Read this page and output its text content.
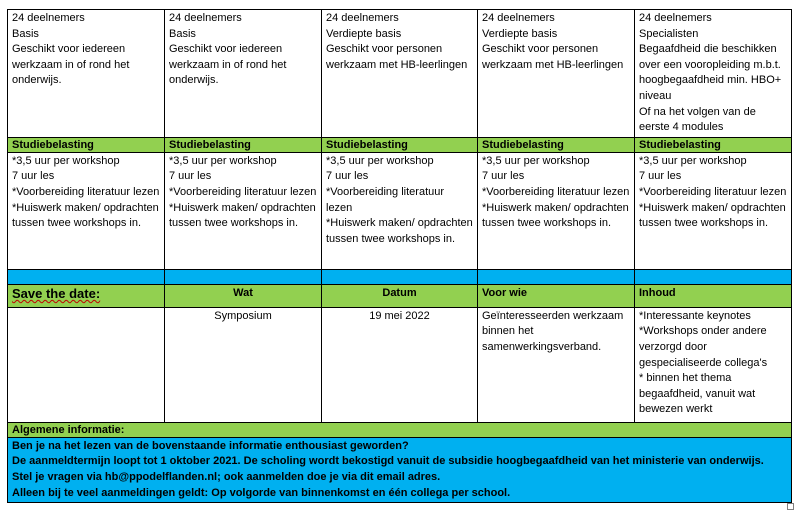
24 deelnemers
Basis
Geschikt voor iedereen werkzaam in of rond het onderwijs.	24 deelnemers
Basis
Geschikt voor iedereen werkzaam in of rond het onderwijs.	24 deelnemers
Verdiepte basis
Geschikt voor personen werkzaam met HB-leerlingen	24 deelnemers
Verdiepte basis
Geschikt voor personen werkzaam met HB-leerlingen	24 deelnemers
Specialisten
Begaafdheid die beschikken over een vooropleiding m.b.t. hoogbegaafdheid min. HBO+ niveau
Of na het volgen van de eerste 4 modules

Studiebelasting	Studiebelasting	Studiebelasting	Studiebelasting	Studiebelasting

*3,5 uur per workshop
7 uur les
*Voorbereiding literatuur lezen
*Huiswerk maken/ opdrachten tussen twee workshops in.	*3,5 uur per workshop
7 uur les
*Voorbereiding literatuur lezen
*Huiswerk maken/ opdrachten tussen twee workshops in.	*3,5 uur per workshop
7 uur les
*Voorbereiding literatuur lezen
*Huiswerk maken/ opdrachten tussen twee workshops in.	*3,5 uur per workshop
7 uur les
*Voorbereiding literatuur lezen
*Huiswerk maken/ opdrachten tussen twee workshops in.	*3,5 uur per workshop
7 uur les
*Voorbereiding literatuur lezen
*Huiswerk maken/ opdrachten tussen twee workshops in.

Save the date:	Wat	Datum	Voor wie	Inhoud
	Symposium	19 mei 2022	Geïnteresseerden werkzaam binnen het samenwerkingsverband.	*Interessante keynotes
*Workshops onder andere verzorgd door gespecialiseerde collega's
* binnen het thema begaafdheid, vanuit wat bewezen werkt

Algemene informatie:				

Ben je na het lezen van de bovenstaande informatie enthousiast geworden?
De aanmeldtermijn loopt tot 1 oktober 2021. De scholing wordt bekostigd vanuit de subsidie hoogbegaafdheid van het ministerie van onderwijs.
Stel je vragen via hb@ppodelflanden.nl; ook aanmelden doe je via dit email adres.
Alleen bij te veel aanmeldingen geldt: Op volgorde van binnenkomst en één collega per school.				
